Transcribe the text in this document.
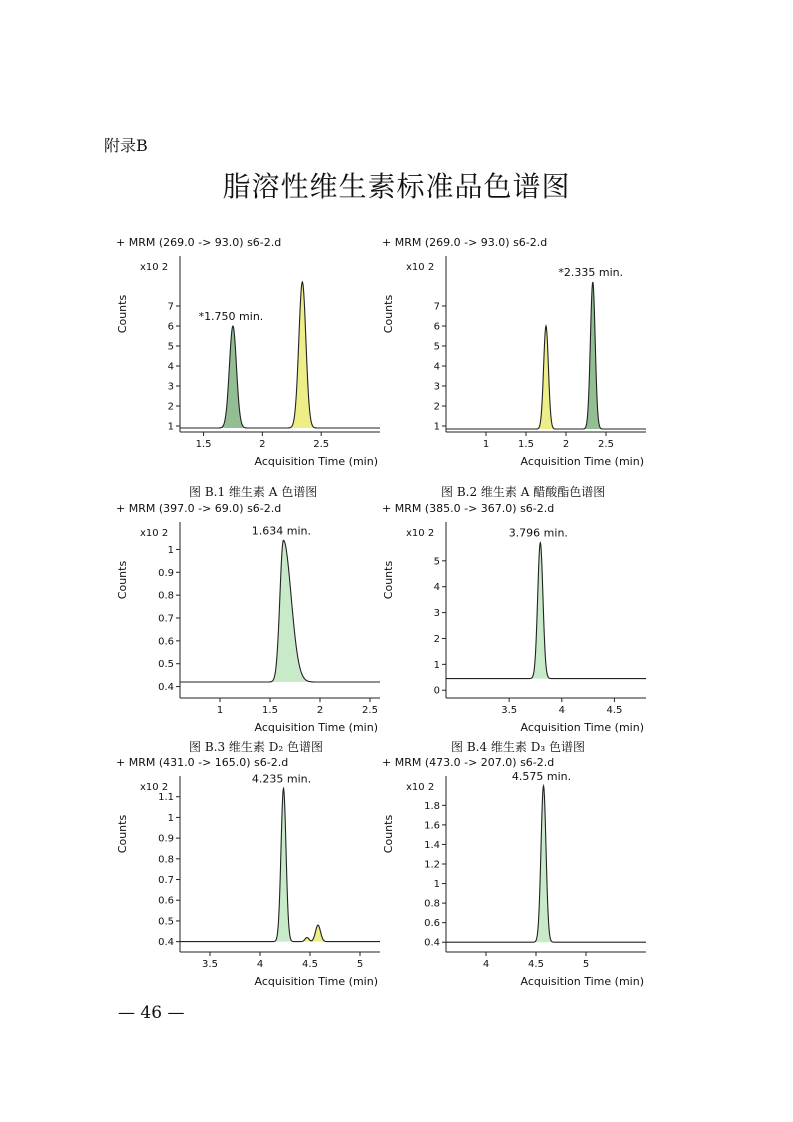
附录B
脂溶性维生素标准品色谱图
+ MRM (269.0 -> 93.0) s6-2.d
Counts
x10 2
1
2
3
4
5
6
7
1.5	2	2.5
Acquisition Time (min)
*1.750 min.
+ MRM (269.0 -> 93.0) s6-2.d
Counts
x10 2
1
2
3
4
5
6
7
1	1.5	2	2.5
Acquisition Time (min)
*2.335 min.
+ MRM (397.0 -> 69.0) s6-2.d
Counts
x10 2
0.4
0.5
0.6
0.7
0.8
0.9
1
1	1.5	2	2.5
Acquisition Time (min)
1.634 min.
+ MRM (385.0 -> 367.0) s6-2.d
Counts
x10 2
0
1
2
3
4
5
3.5	4	4.5
Acquisition Time (min)
3.796 min.
+ MRM (431.0 -> 165.0) s6-2.d
Counts
x10 2
0.4
0.5
0.6
0.7
0.8
0.9
1
1.1
3.5	4	4.5	5
Acquisition Time (min)
4.235 min.
+ MRM (473.0 -> 207.0) s6-2.d
Counts
x10 2
0.4
0.6
0.8
1
1.2
1.4
1.6
1.8
4	4.5	5
Acquisition Time (min)
4.575 min.
图 B.1 维生素 A 色谱图	图 B.2 维生素 A 醋酸酯色谱图
图 B.3 维生素 D₂ 色谱图	图 B.4 维生素 D₃ 色谱图
— 46 —
